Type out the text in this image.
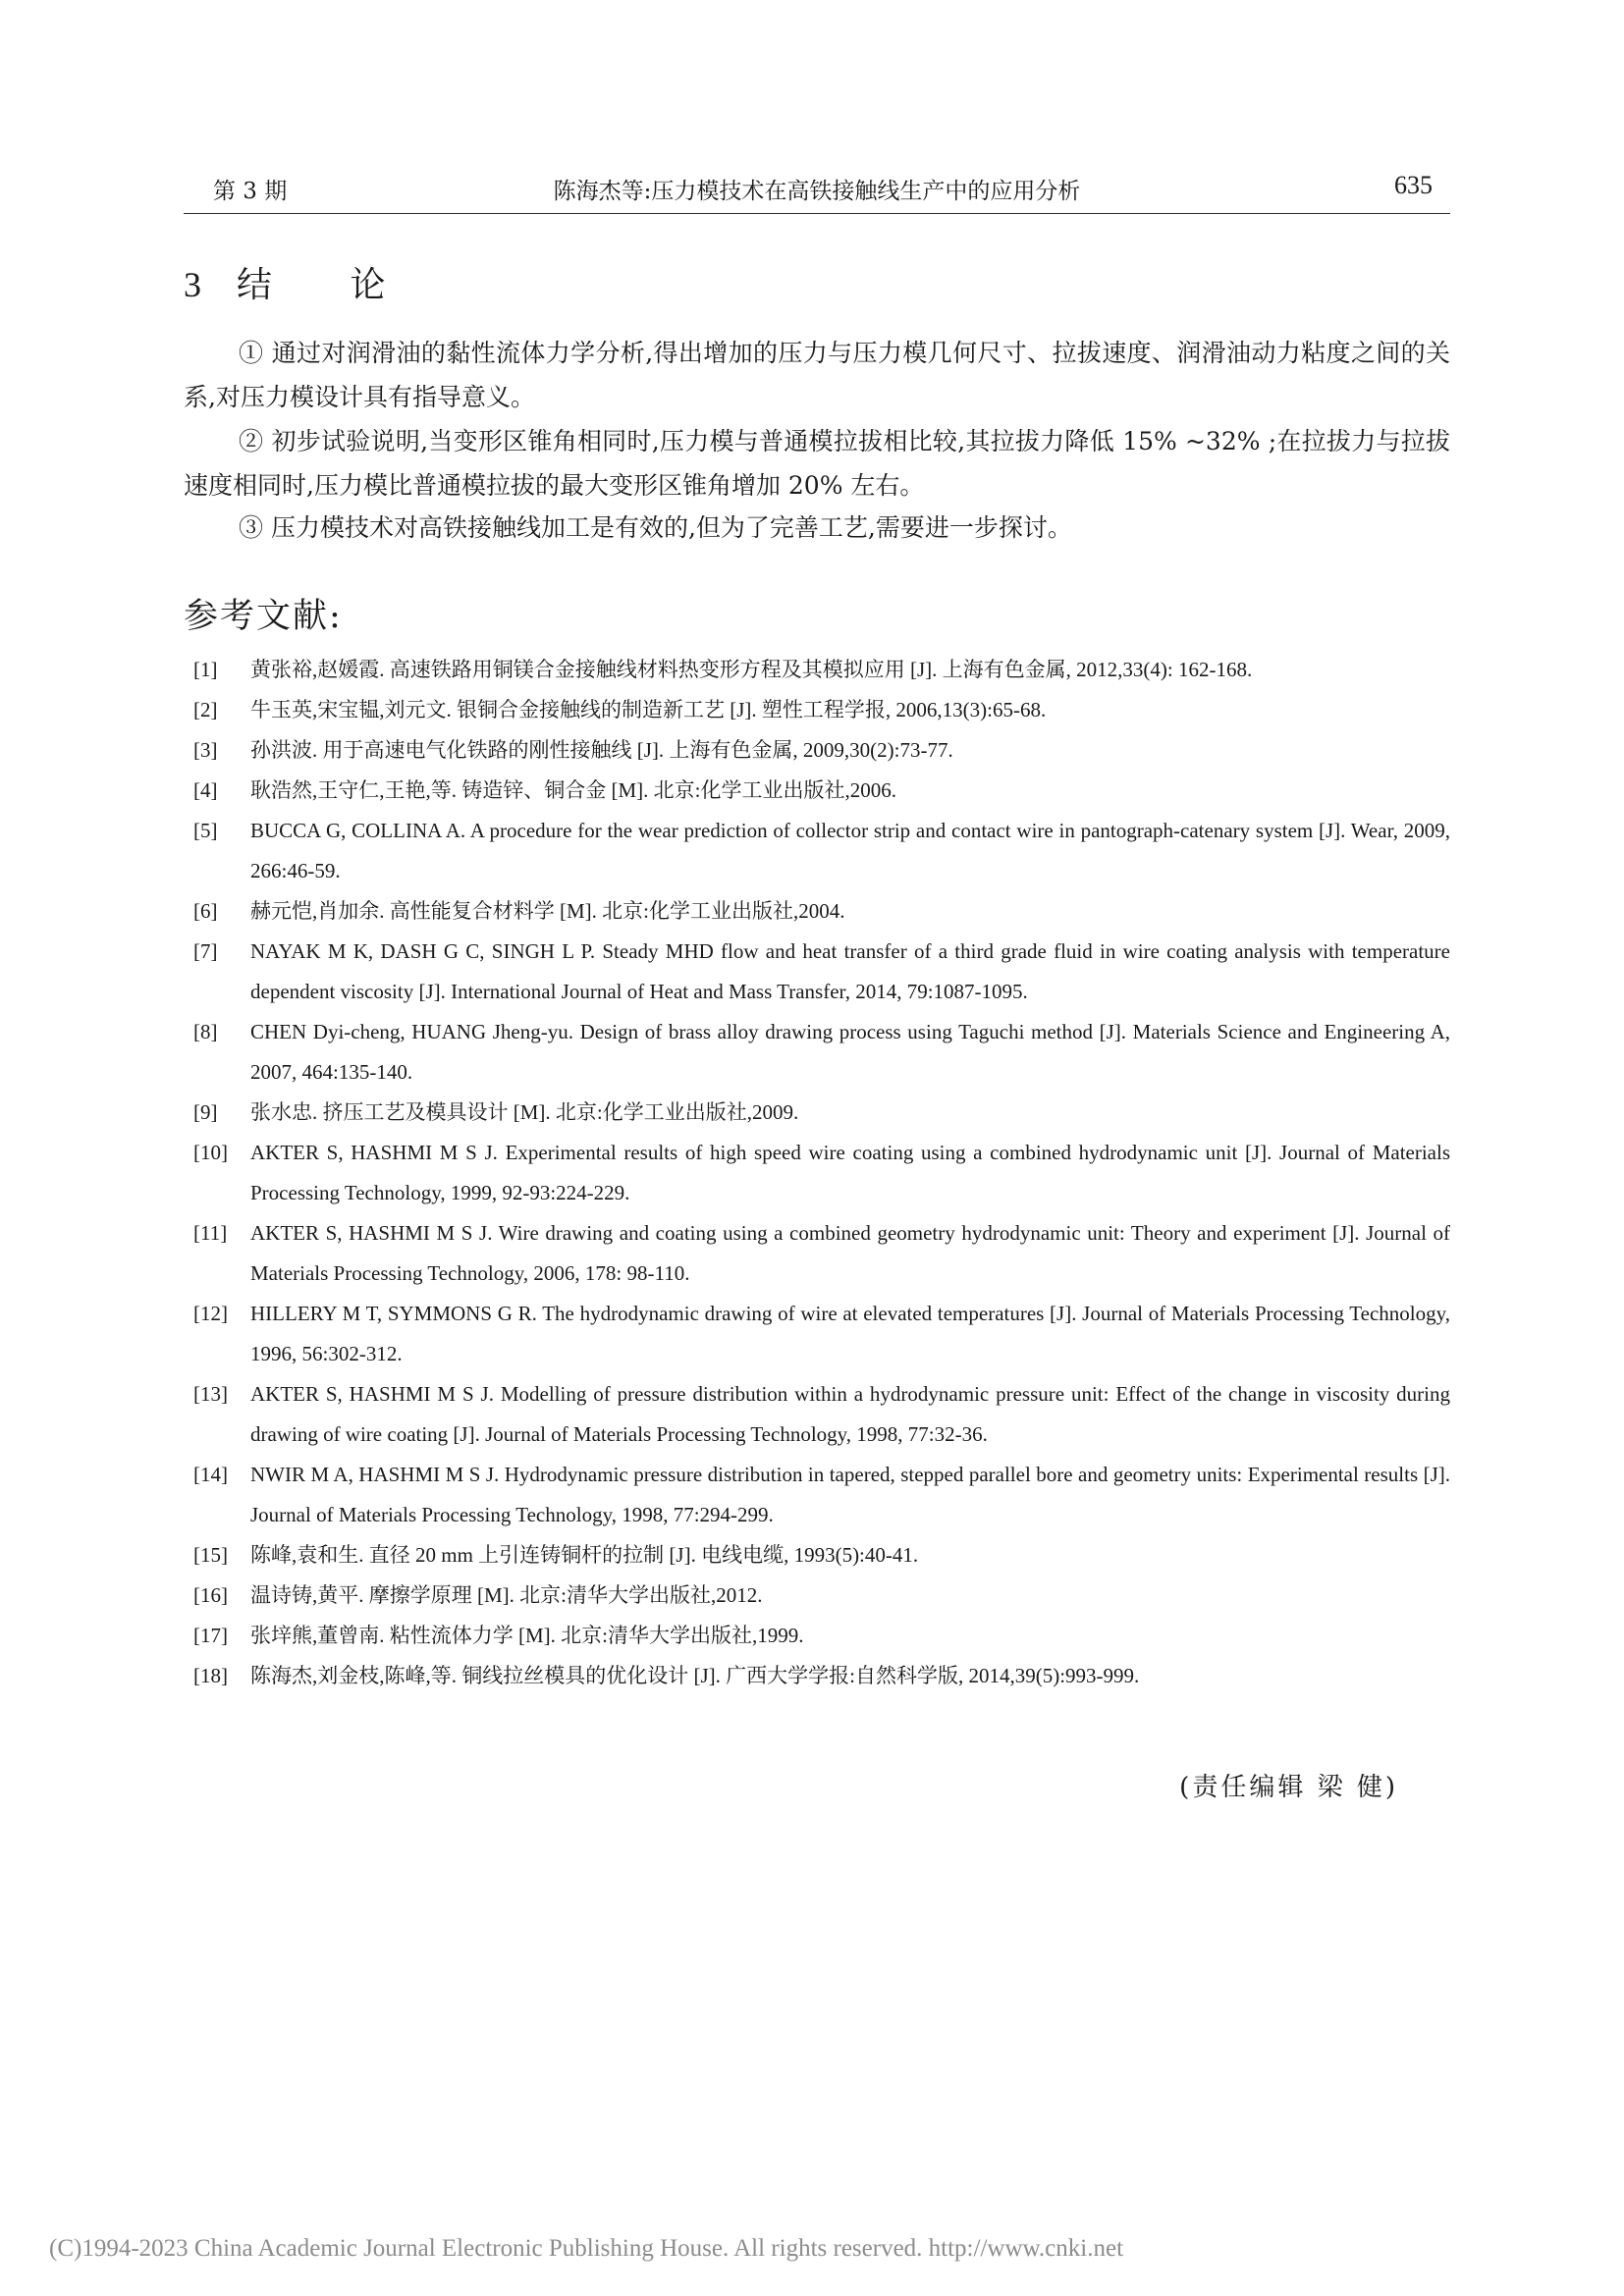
第 3 期	陈海杰等:压力模技术在高铁接触线生产中的应用分析	635
3 结 论

① 通过对润滑油的黏性流体力学分析,得出增加的压力与压力模几何尺寸、拉拔速度、润滑油动力粘度之间的关系,对压力模设计具有指导意义。

② 初步试验说明,当变形区锥角相同时,压力模与普通模拉拔相比较,其拉拔力降低 15% ~32% ;在拉拔力与拉拔速度相同时,压力模比普通模拉拔的最大变形区锥角增加 20% 左右。

③ 压力模技术对高铁接触线加工是有效的,但为了完善工艺,需要进一步探讨。

参考文献:
[1] 黄张裕,赵媛霞. 高速铁路用铜镁合金接触线材料热变形方程及其模拟应用 [J]. 上海有色金属, 2012,33(4): 162-168.
[2] 牛玉英,宋宝韫,刘元文. 银铜合金接触线的制造新工艺 [J]. 塑性工程学报, 2006,13(3):65-68.
[3] 孙洪波. 用于高速电气化铁路的刚性接触线 [J]. 上海有色金属, 2009,30(2):73-77.
[4] 耿浩然,王守仁,王艳,等. 铸造锌、铜合金 [M]. 北京:化学工业出版社,2006.
[5] BUCCA G, COLLINA A. A procedure for the wear prediction of collector strip and contact wire in pantograph-catenary system [J]. Wear, 2009, 266:46-59.
[6] 赫元恺,肖加余. 高性能复合材料学 [M]. 北京:化学工业出版社,2004.
[7] NAYAK M K, DASH G C, SINGH L P. Steady MHD flow and heat transfer of a third grade fluid in wire coating analysis with temperature dependent viscosity [J]. International Journal of Heat and Mass Transfer, 2014, 79:1087-1095.
[8] CHEN Dyi-cheng, HUANG Jheng-yu. Design of brass alloy drawing process using Taguchi method [J]. Materials Science and Engineering A, 2007, 464:135-140.
[9] 张水忠. 挤压工艺及模具设计 [M]. 北京:化学工业出版社,2009.
[10] AKTER S, HASHMI M S J. Experimental results of high speed wire coating using a combined hydrodynamic unit [J]. Journal of Materials Processing Technology, 1999, 92-93:224-229.
[11] AKTER S, HASHMI M S J. Wire drawing and coating using a combined geometry hydrodynamic unit: Theory and experiment [J]. Journal of Materials Processing Technology, 2006, 178: 98-110.
[12] HILLERY M T, SYMMONS G R. The hydrodynamic drawing of wire at elevated temperatures [J]. Journal of Materials Processing Technology, 1996, 56:302-312.
[13] AKTER S, HASHMI M S J. Modelling of pressure distribution within a hydrodynamic pressure unit: Effect of the change in viscosity during drawing of wire coating [J]. Journal of Materials Processing Technology, 1998, 77:32-36.
[14] NWIR M A, HASHMI M S J. Hydrodynamic pressure distribution in tapered, stepped parallel bore and geometry units: Experimental results [J]. Journal of Materials Processing Technology, 1998, 77:294-299.
[15] 陈峰,袁和生. 直径 20 mm 上引连铸铜杆的拉制 [J]. 电线电缆, 1993(5):40-41.
[16] 温诗铸,黄平. 摩擦学原理 [M]. 北京:清华大学出版社,2012.
[17] 张垶熊,董曾南. 粘性流体力学 [M]. 北京:清华大学出版社,1999.
[18] 陈海杰,刘金枝,陈峰,等. 铜线拉丝模具的优化设计 [J]. 广西大学学报:自然科学版, 2014,39(5):993-999.
(责任编辑 梁 健)
(C)1994-2023 China Academic Journal Electronic Publishing House. All rights reserved. http://www.cnki.net
